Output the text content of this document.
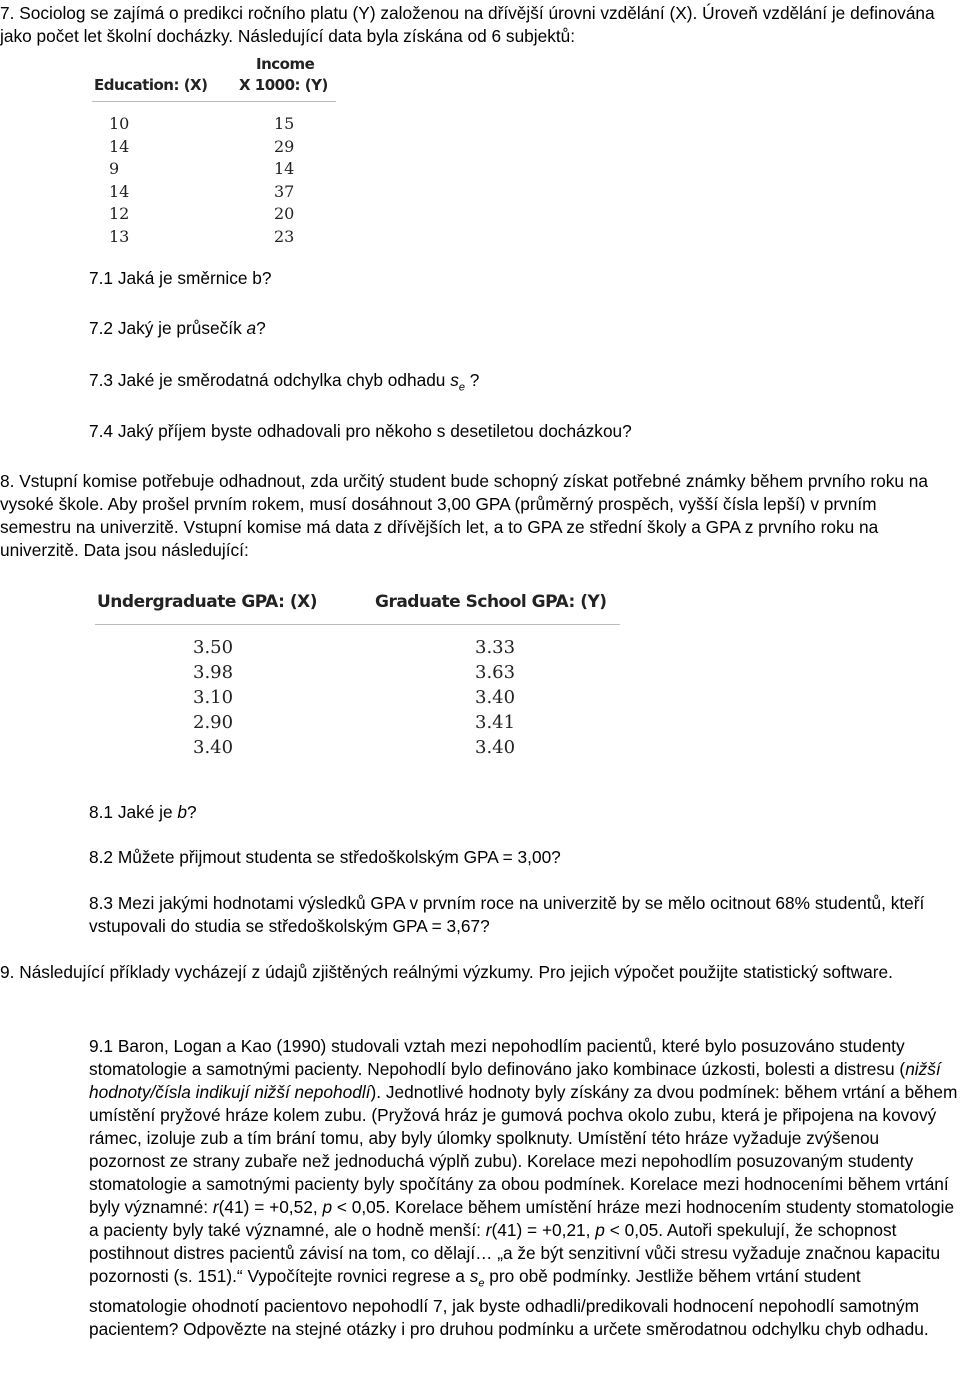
7. Sociolog se zajímá o predikci ročního platu (Y) založenou na dřívější úrovni vzdělání (X). Úroveň vzdělání je definována jako počet let školní docházky. Následující data byla získána od 6 subjektů:

Income
Education: (X) X 1000: (Y)
10
14
9
14
12
13
15
29
14
37
20
23

7.1 Jaká je směrnice b?

7.2 Jaký je průsečík a?

7.3 Jaké je směrodatná odchylka chyb odhadu $s_e$ ?

7.4 Jaký příjem byste odhadovali pro někoho s desetiletou docházkou?

8. Vstupní komise potřebuje odhadnout, zda určitý student bude schopný získat potřebné známky během prvního roku na vysoké škole. Aby prošel prvním rokem, musí dosáhnout 3,00 GPA (průměrný prospěch, vyšší čísla lepší) v prvním semestru na univerzitě. Vstupní komise má data z dřívějších let, a to GPA ze střední školy a GPA z prvního roku na univerzitě. Data jsou následující:

Undergraduate GPA: (X)	Graduate School GPA: (Y)
3.50
3.98
3.10
2.90
3.40
3.33
3.63
3.40
3.41
3.40

8.1 Jaké je b?

8.2 Můžete přijmout studenta se středoškolským GPA = 3,00?

8.3 Mezi jakými hodnotami výsledků GPA v prvním roce na univerzitě by se mělo ocitnout 68% studentů, kteří vstupovali do studia se středoškolským GPA = 3,67?

9. Následující příklady vycházejí z údajů zjištěných reálnými výzkumy. Pro jejich výpočet použijte statistický software.

9.1 Baron, Logan a Kao (1990) studovali vztah mezi nepohodlím pacientů, které bylo posuzováno studenty stomatologie a samotnými pacienty. Nepohodlí bylo definováno jako kombinace úzkosti, bolesti a distresu (nižší hodnoty/čísla indikují nižší nepohodlí). Jednotlivé hodnoty byly získány za dvou podmínek: během vrtání a během umístění pryžové hráze kolem zubu. (Pryžová hráz je gumová pochva okolo zubu, která je připojena na kovový rámec, izoluje zub a tím brání tomu, aby byly úlomky spolknuty. Umístění této hráze vyžaduje zvýšenou pozornost ze strany zubaře než jednoduchá výplň zubu). Korelace mezi nepohodlím posuzovaným studenty stomatologie a samotnými pacienty byly spočítány za obou podmínek. Korelace mezi hodnoceními během vrtání byly významné: r(41) = +0,52, p < 0,05. Korelace během umístění hráze mezi hodnocením studenty stomatologie a pacienty byly také významné, ale o hodně menší: r(41) = +0,21, p < 0,05. Autoři spekulují, že schopnost postihnout distres pacientů závisí na tom, co dělají… „a že být senzitivní vůči stresu vyžaduje značnou kapacitu pozornosti (s. 151).“ Vypočítejte rovnici regrese a $s_e$ pro obě podmínky. Jestliže během vrtání student stomatologie ohodnotí pacientovo nepohodlí 7, jak byste odhadli/predikovali hodnocení nepohodlí samotným pacientem? Odpovězte na stejné otázky i pro druhou podmínku a určete směrodatnou odchylku chyb odhadu.
